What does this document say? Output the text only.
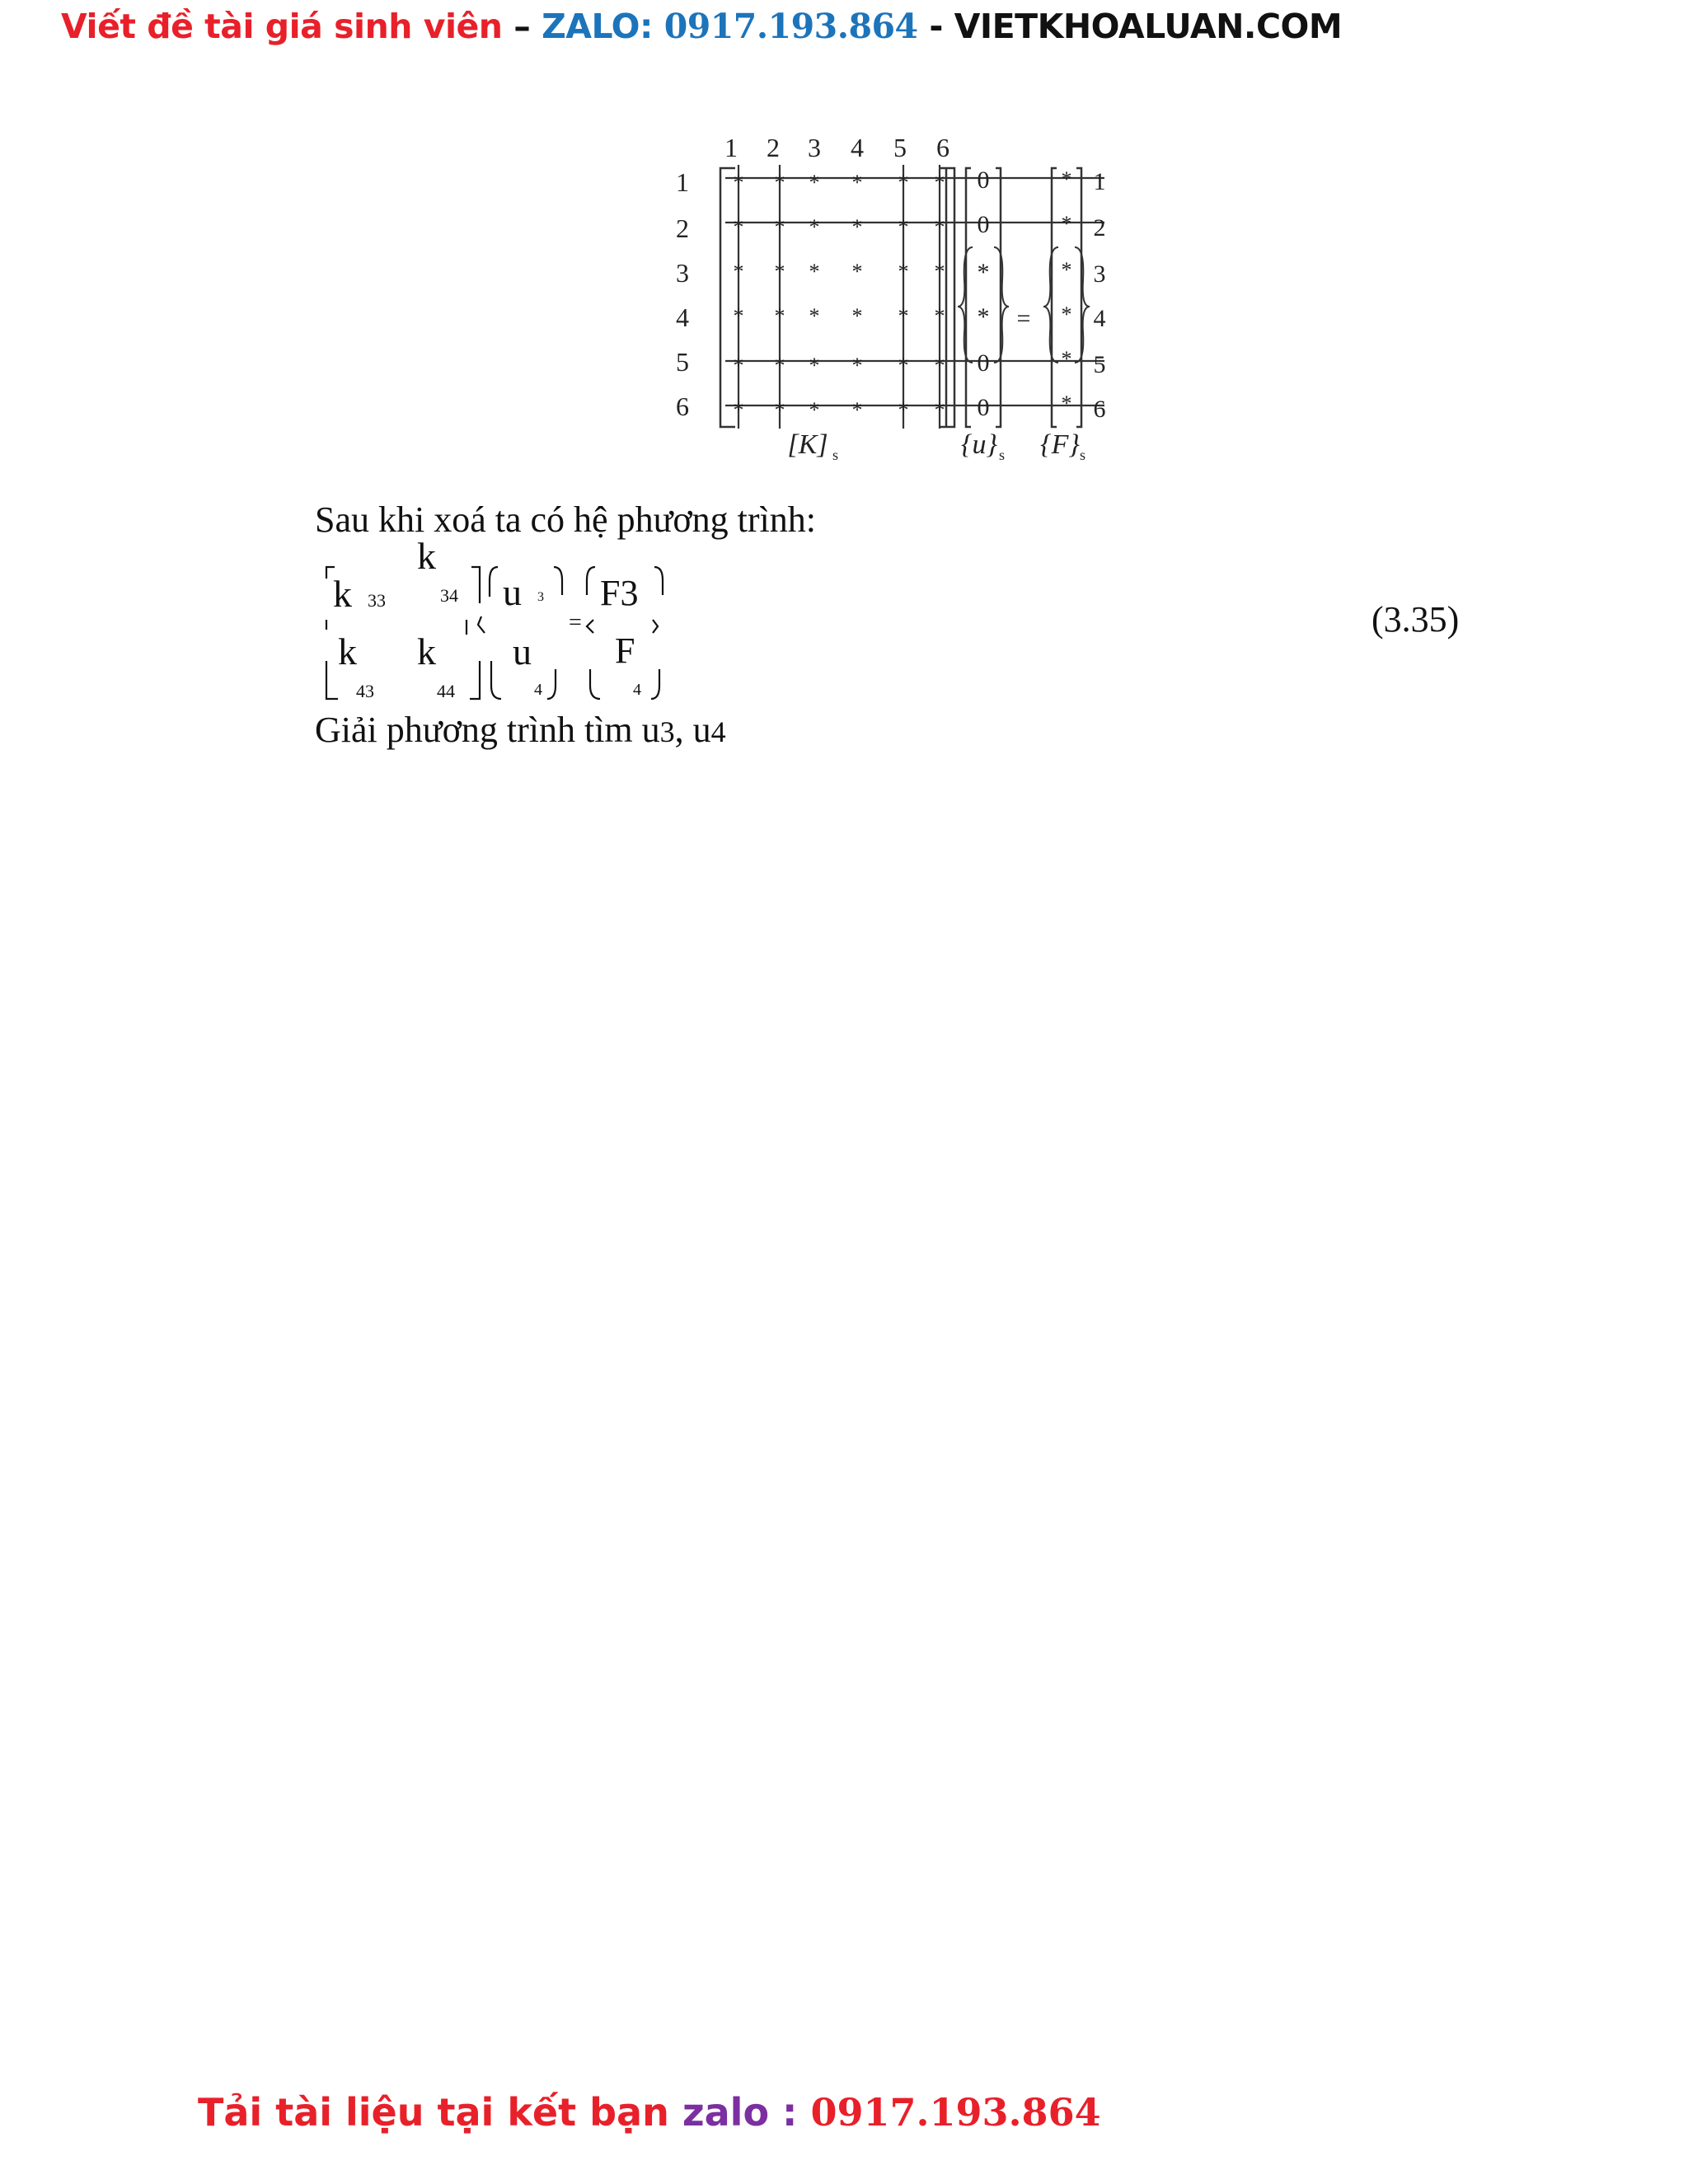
Viết đề tài giá sinh viên – ZALO: 0917.193.864 - VIETKHOALUAN.COM
1 2 3 4 5 6
1
2
3
4
5
6
* * * * * *
* * * * * *
* * * * * *
* * * * * *
* * * * * *
* * * * * *
0
0
*
*
0
0
=
*
*
*
*
*
*
1
2
3
4
5
6
[K] s	{u} s {F} s
Sau khi xoá ta có hệ phương trình:
k 33
k
34
k
43
k
44
u 3
u
4
=
F3
F
4
(3.35)
Giải phương trình tìm u3, u4
Tải tài liệu tại kết bạn zalo : 0917.193.864
